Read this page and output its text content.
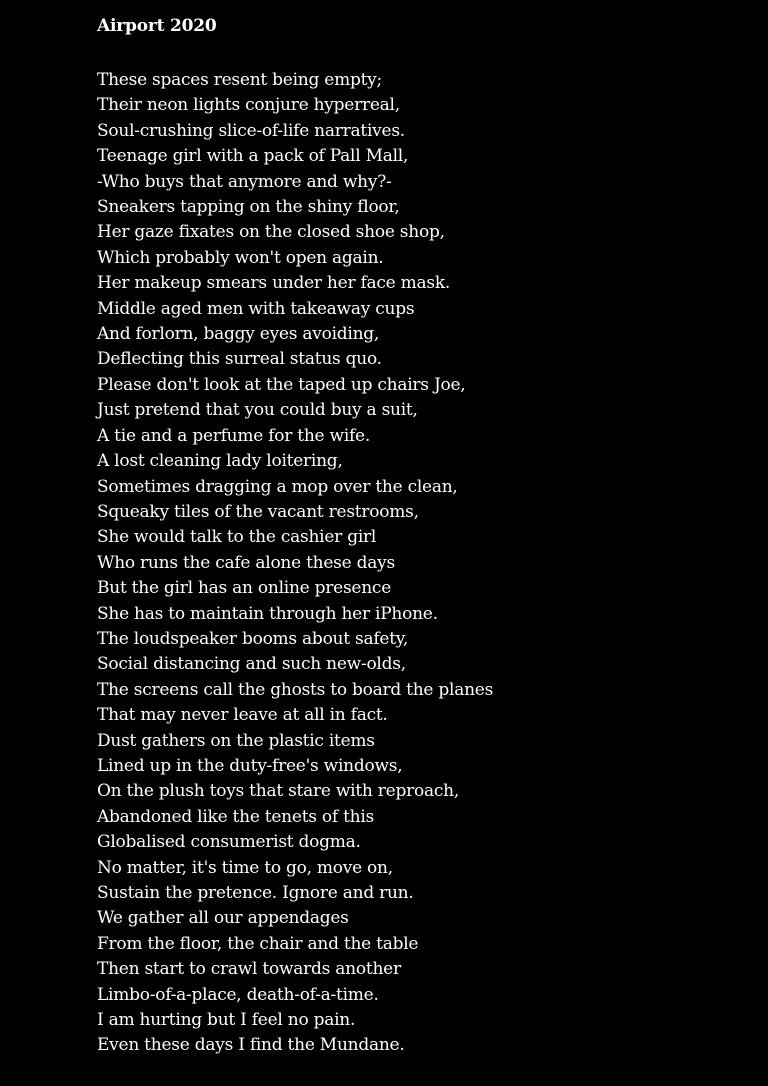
Airport 2020
These spaces resent being empty;
Their neon lights conjure hyperreal,
Soul-crushing slice-of-life narratives.
Teenage girl with a pack of Pall Mall,
-Who buys that anymore and why?-
Sneakers tapping on the shiny floor,
Her gaze fixates on the closed shoe shop,
Which probably won't open again.
Her makeup smears under her face mask.
Middle aged men with takeaway cups
And forlorn, baggy eyes avoiding,
Deflecting this surreal status quo.
Please don't look at the taped up chairs Joe,
Just pretend that you could buy a suit,
A tie and a perfume for the wife.
A lost cleaning lady loitering,
Sometimes dragging a mop over the clean,
Squeaky tiles of the vacant restrooms,
She would talk to the cashier girl
Who runs the cafe alone these days
But the girl has an online presence
She has to maintain through her iPhone.
The loudspeaker booms about safety,
Social distancing and such new-olds,
The screens call the ghosts to board the planes
That may never leave at all in fact.
Dust gathers on the plastic items
Lined up in the duty-free's windows,
On the plush toys that stare with reproach,
Abandoned like the tenets of this
Globalised consumerist dogma.
No matter, it's time to go, move on,
Sustain the pretence. Ignore and run.
We gather all our appendages
From the floor, the chair and the table
Then start to crawl towards another
Limbo-of-a-place, death-of-a-time.
I am hurting but I feel no pain.
Even these days I find the Mundane.
